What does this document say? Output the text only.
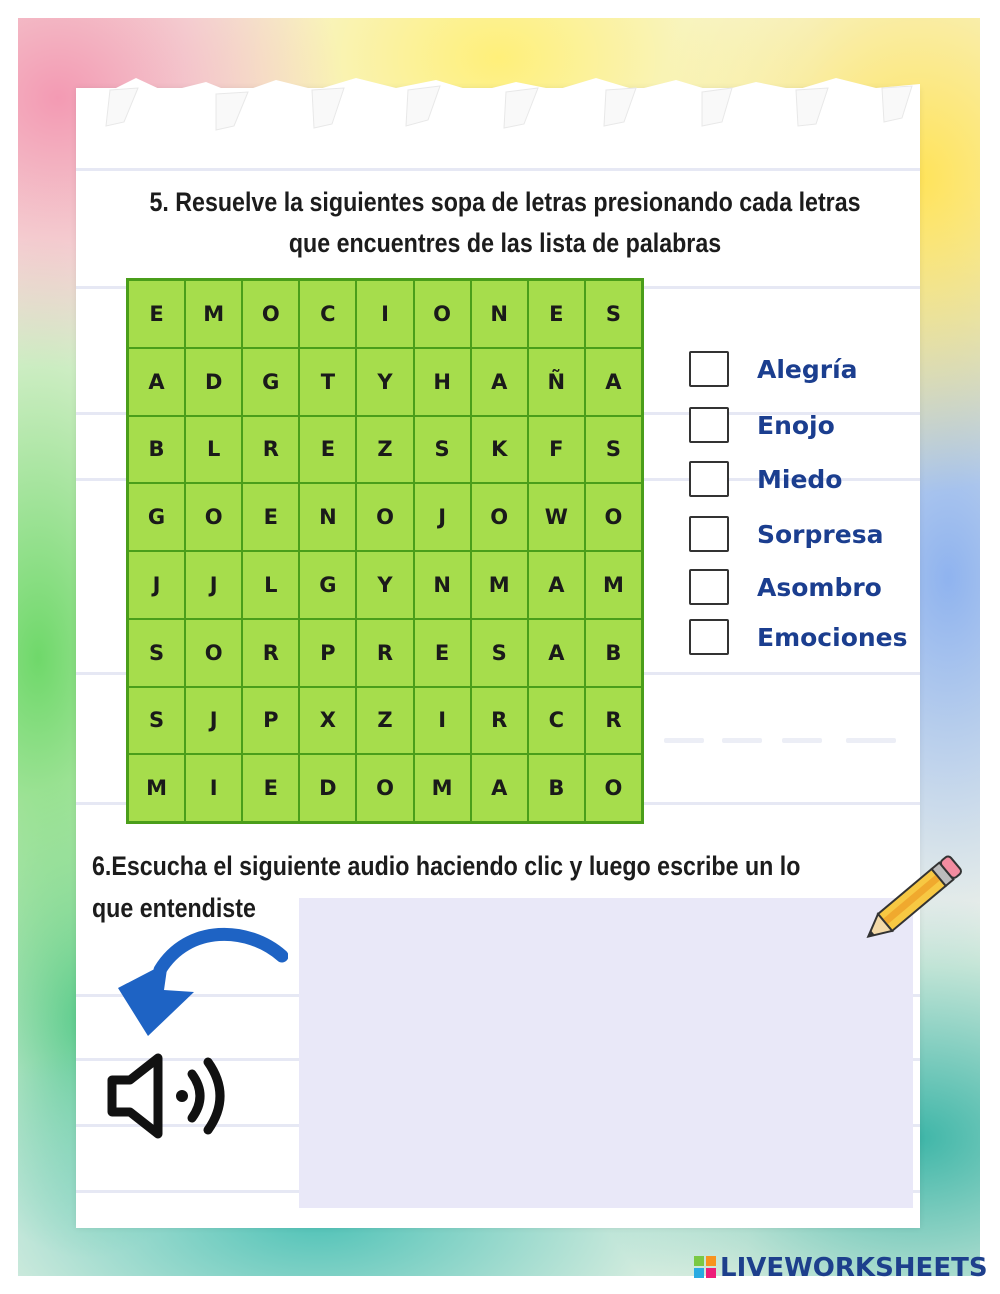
5. Resuelve la siguientes sopa de letras presionando cada letras
que encuentres de las lista de palabras
E	M	O	C	I	O	N	E	S
A	D	G	T	Y	H	A	Ñ	A
B	L	R	E	Z	S	K	F	S
G	O	E	N	O	J	O	W	O
J	J	L	G	Y	N	M	A	M
S	O	R	P	R	E	S	A	B
S	J	P	X	Z	I	R	C	R
M	I	E	D	O	M	A	B	O
Alegría
Enojo
Miedo
Sorpresa
Asombro
Emociones
6.Escucha el siguiente audio haciendo clic y luego escribe un lo
que entendiste
LIVEWORKSHEETS
